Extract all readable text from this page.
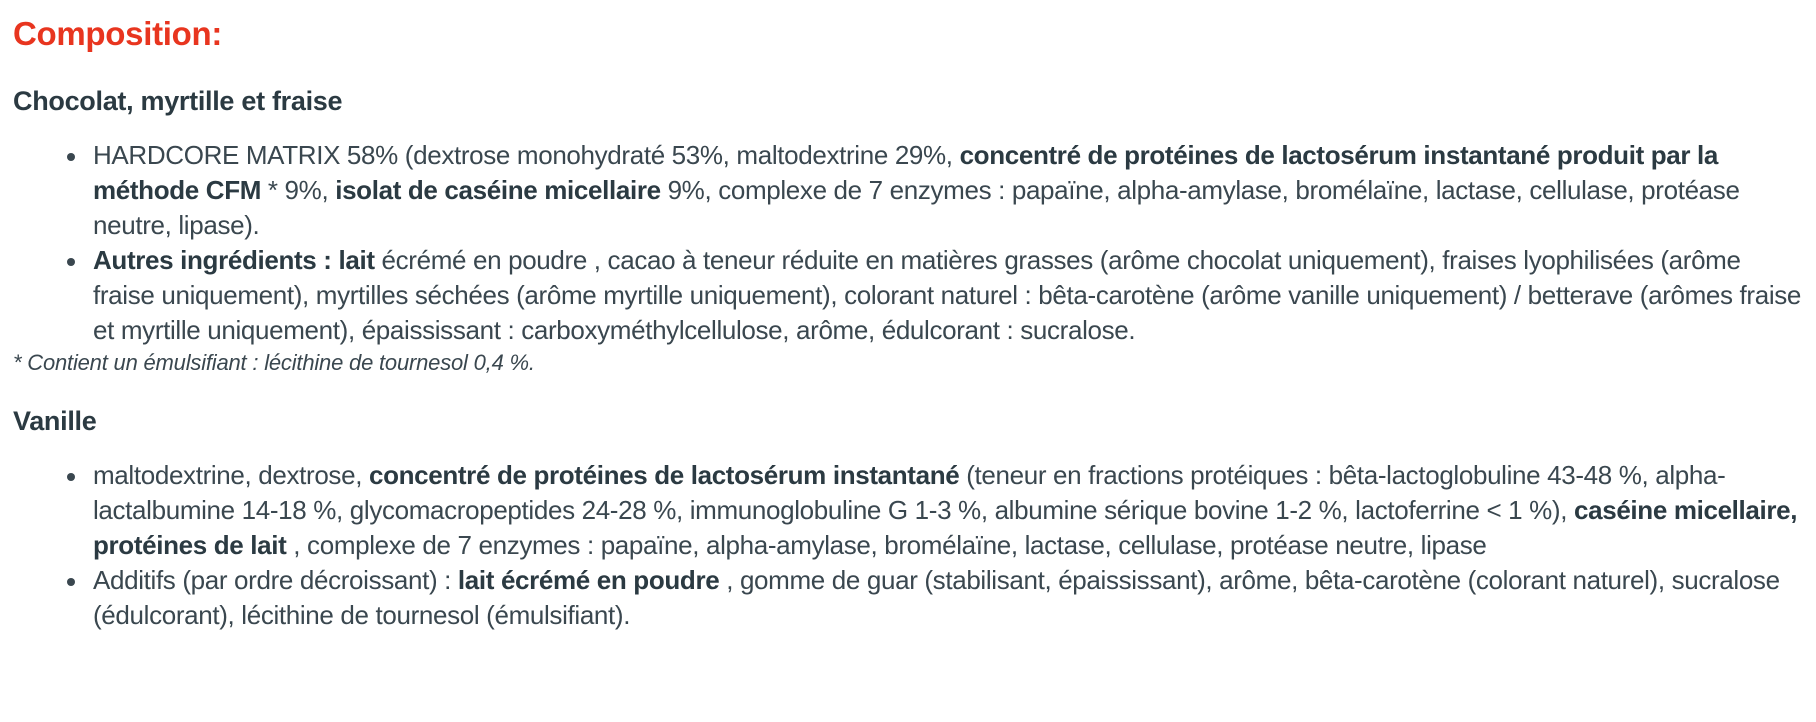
Composition:
Chocolat, myrtille et fraise
HARDCORE MATRIX 58% (dextrose monohydraté 53%, maltodextrine 29%, concentré de protéines de lactosérum instantané produit par la méthode CFM * 9%, isolat de caséine micellaire 9%, complexe de 7 enzymes : papaïne, alpha-amylase, bromélaïne, lactase, cellulase, protéase neutre, lipase).
Autres ingrédients : lait écrémé en poudre , cacao à teneur réduite en matières grasses (arôme chocolat uniquement), fraises lyophilisées (arôme fraise uniquement), myrtilles séchées (arôme myrtille uniquement), colorant naturel : bêta-carotène (arôme vanille uniquement) / betterave (arômes fraise et myrtille uniquement), épaississant : carboxyméthylcellulose, arôme, édulcorant : sucralose.
* Contient un émulsifiant : lécithine de tournesol 0,4 %.
Vanille
maltodextrine, dextrose, concentré de protéines de lactosérum instantané (teneur en fractions protéiques : bêta-lactoglobuline 43-48 %, alpha-lactalbumine 14-18 %, glycomacropeptides 24-28 %, immunoglobuline G 1-3 %, albumine sérique bovine 1-2 %, lactoferrine < 1 %), caséine micellaire, protéines de lait , complexe de 7 enzymes : papaïne, alpha-amylase, bromélaïne, lactase, cellulase, protéase neutre, lipase
Additifs (par ordre décroissant) : lait écrémé en poudre , gomme de guar (stabilisant, épaississant), arôme, bêta-carotène (colorant naturel), sucralose (édulcorant), lécithine de tournesol (émulsifiant).
